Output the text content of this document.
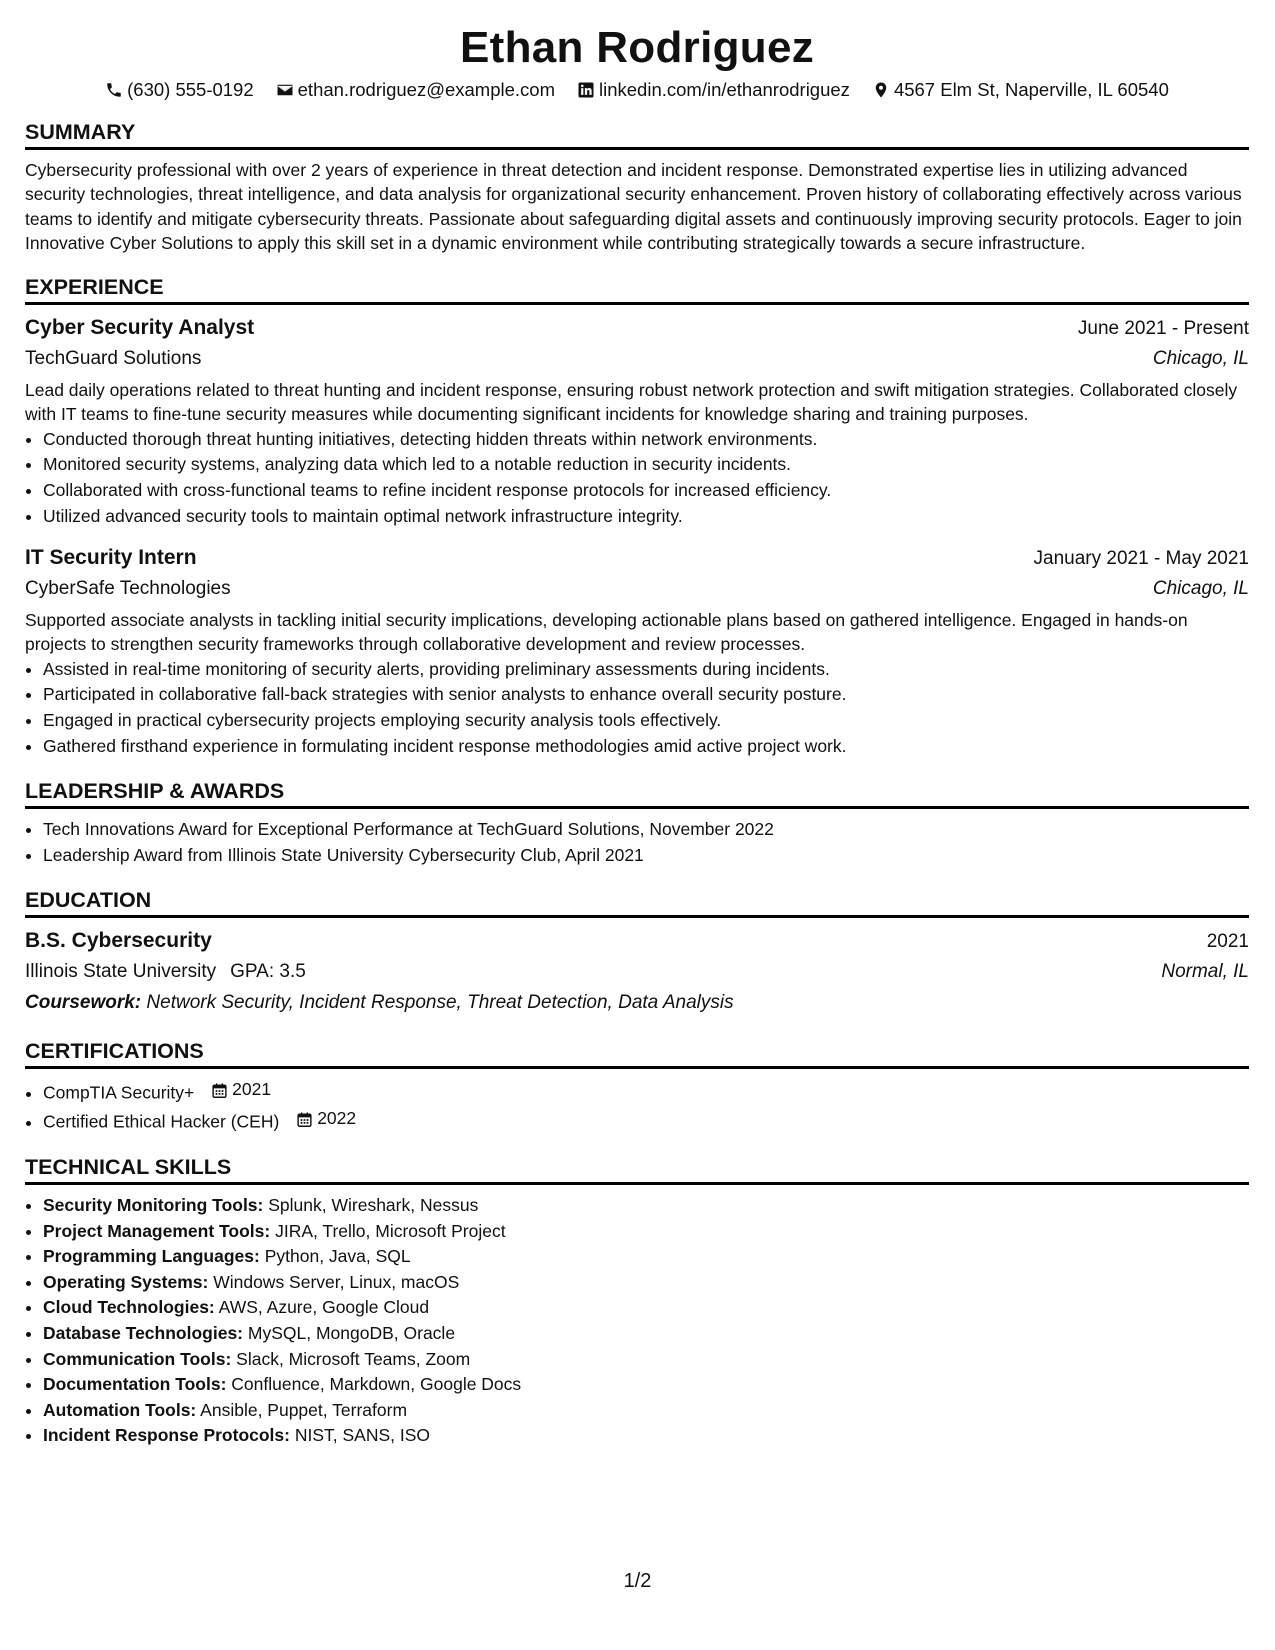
Ethan Rodriguez
(630) 555-0192 ethan.rodriguez@example.com linkedin.com/in/ethanrodriguez 4567 Elm St, Naperville, IL 60540
SUMMARY

Cybersecurity professional with over 2 years of experience in threat detection and incident response. Demonstrated expertise lies in utilizing advanced security technologies, threat intelligence, and data analysis for organizational security enhancement. Proven history of collaborating effectively across various teams to identify and mitigate cybersecurity threats. Passionate about safeguarding digital assets and continuously improving security protocols. Eager to join Innovative Cyber Solutions to apply this skill set in a dynamic environment while contributing strategically towards a secure infrastructure.

EXPERIENCE
Cyber Security Analyst	June 2021 - Present
TechGuard Solutions	Chicago, IL

Lead daily operations related to threat hunting and incident response, ensuring robust network protection and swift mitigation strategies. Collaborated closely with IT teams to fine-tune security measures while documenting significant incidents for knowledge sharing and training purposes.

• Conducted thorough threat hunting initiatives, detecting hidden threats within network environments.
• Monitored security systems, analyzing data which led to a notable reduction in security incidents.
• Collaborated with cross-functional teams to refine incident response protocols for increased efficiency.
• Utilized advanced security tools to maintain optimal network infrastructure integrity.
IT Security Intern	January 2021 - May 2021
CyberSafe Technologies	Chicago, IL

Supported associate analysts in tackling initial security implications, developing actionable plans based on gathered intelligence. Engaged in hands-on projects to strengthen security frameworks through collaborative development and review processes.

• Assisted in real-time monitoring of security alerts, providing preliminary assessments during incidents.
• Participated in collaborative fall-back strategies with senior analysts to enhance overall security posture.
• Engaged in practical cybersecurity projects employing security analysis tools effectively.
• Gathered firsthand experience in formulating incident response methodologies amid active project work.
LEADERSHIP & AWARDS
• Tech Innovations Award for Exceptional Performance at TechGuard Solutions, November 2022
• Leadership Award from Illinois State University Cybersecurity Club, April 2021
EDUCATION
B.S. Cybersecurity	2021
Illinois State University GPA: 3.5	Normal, IL
Coursework: Network Security, Incident Response, Threat Detection, Data Analysis
CERTIFICATIONS
• CompTIA Security+ 2021
• Certified Ethical Hacker (CEH) 2022
TECHNICAL SKILLS
• Security Monitoring Tools: Splunk, Wireshark, Nessus
• Project Management Tools: JIRA, Trello, Microsoft Project
• Programming Languages: Python, Java, SQL
• Operating Systems: Windows Server, Linux, macOS
• Cloud Technologies: AWS, Azure, Google Cloud
• Database Technologies: MySQL, MongoDB, Oracle
• Communication Tools: Slack, Microsoft Teams, Zoom
• Documentation Tools: Confluence, Markdown, Google Docs
• Automation Tools: Ansible, Puppet, Terraform
• Incident Response Protocols: NIST, SANS, ISO
1/2
